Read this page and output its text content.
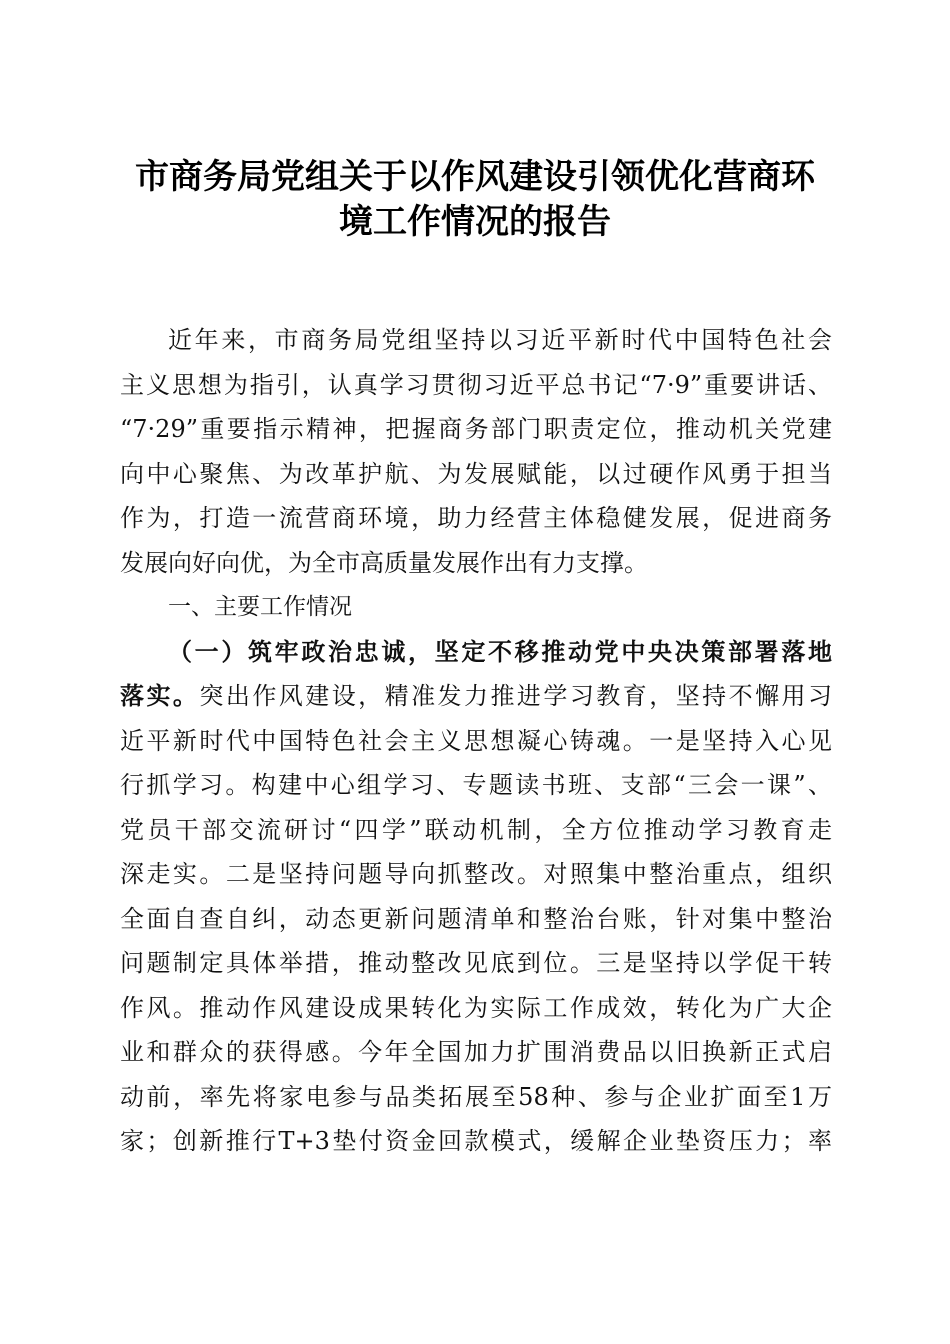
市商务局党组关于以作风建设引领优化营商环
境工作情况的报告
近年来，市商务局党组坚持以习近平新时代中国特色社会
主义思想为指引，认真学习贯彻习近平总书记“7·9”重要讲话、
“7·29”重要指示精神，把握商务部门职责定位，推动机关党建
向中心聚焦、为改革护航、为发展赋能，以过硬作风勇于担当
作为，打造一流营商环境，助力经营主体稳健发展，促进商务
发展向好向优，为全市高质量发展作出有力支撑。
一、主要工作情况
（一）筑牢政治忠诚，坚定不移推动党中央决策部署落地
落实。突出作风建设，精准发力推进学习教育，坚持不懈用习
近平新时代中国特色社会主义思想凝心铸魂。一是坚持入心见
行抓学习。构建中心组学习、专题读书班、支部“三会一课”、
党员干部交流研讨“四学”联动机制，全方位推动学习教育走
深走实。二是坚持问题导向抓整改。对照集中整治重点，组织
全面自查自纠，动态更新问题清单和整治台账，针对集中整治
问题制定具体举措，推动整改见底到位。三是坚持以学促干转
作风。推动作风建设成果转化为实际工作成效，转化为广大企
业和群众的获得感。今年全国加力扩围消费品以旧换新正式启
动前，率先将家电参与品类拓展至58种、参与企业扩面至1万
家；创新推行T+3垫付资金回款模式，缓解企业垫资压力；率
